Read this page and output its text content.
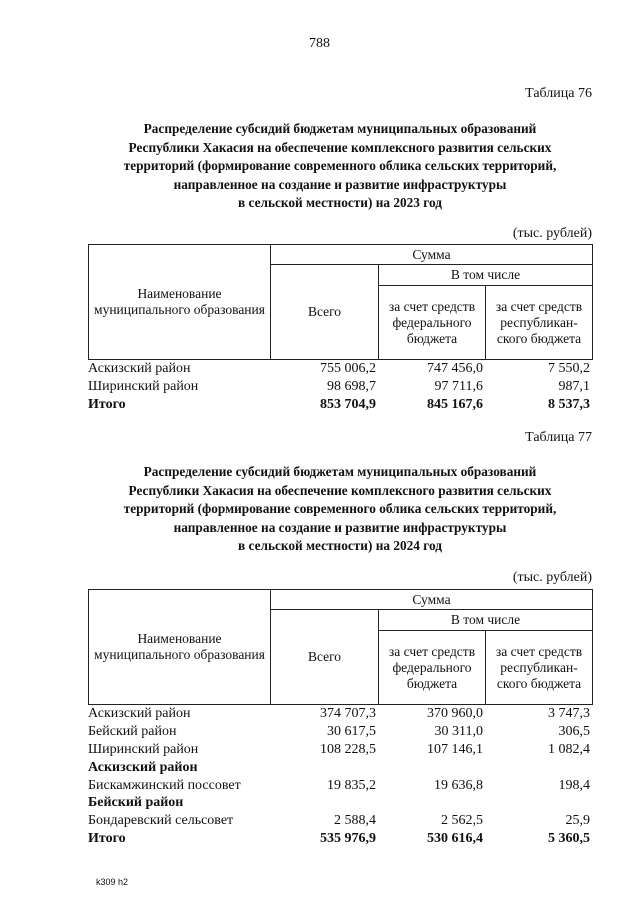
788
Таблица 76
Распределение субсидий бюджетам муниципальных образований
Республики Хакасия на обеспечение комплексного развития сельских
территорий (формирование современного облика сельских территорий,
направленное на создание и развитие инфраструктуры
в сельской местности) на 2023 год
(тыс. рублей)
Наименование муниципального образования	Сумма		
	Всего	В том числе	
		за счет средств федерального бюджета	за счет средств республикан-ского бюджета
Аскизский район	755 006,2	747 456,0	7 550,2
Ширинский район	98 698,7	97 711,6	987,1
Итого	853 704,9	845 167,6	8 537,3
Таблица 77
Распределение субсидий бюджетам муниципальных образований
Республики Хакасия на обеспечение комплексного развития сельских
территорий (формирование современного облика сельских территорий,
направленное на создание и развитие инфраструктуры
в сельской местности) на 2024 год
(тыс. рублей)
Наименование муниципального образования	Сумма		
	Всего	В том числе	
		за счет средств федерального бюджета	за счет средств республикан-ского бюджета
Аскизский район	374 707,3	370 960,0	3 747,3
Бейский район	30 617,5	30 311,0	306,5
Ширинский район	108 228,5	107 146,1	1 082,4
Аскизский район			
Бискамжинский поссовет	19 835,2	19 636,8	198,4
Бейский район			
Бондаревский сельсовет	2 588,4	2 562,5	25,9
Итого	535 976,9	530 616,4	5 360,5
k309 h2
